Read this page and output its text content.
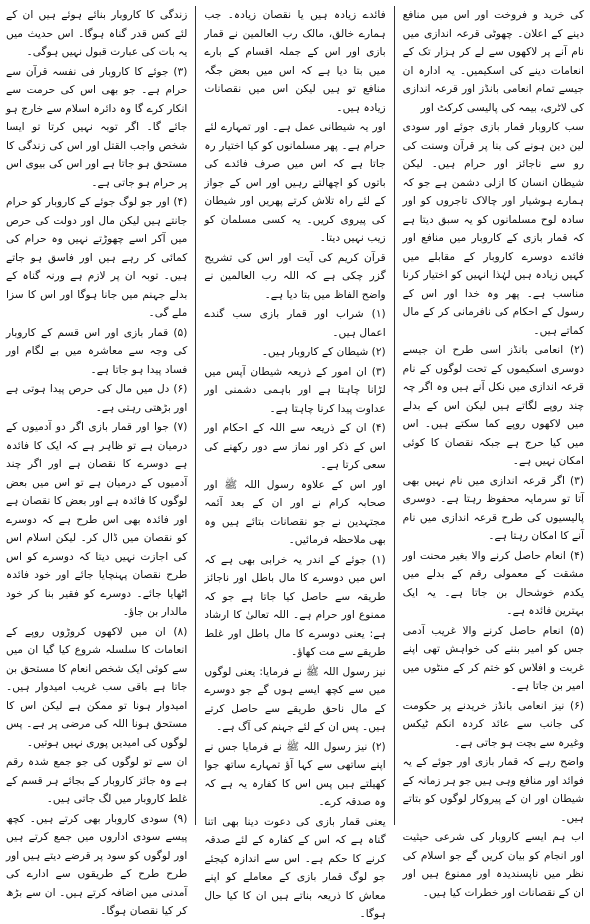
کی خرید و فروخت اور اس میں منافع دینے کے اعلان۔ چھوٹی قرعہ اندازی میں نام آنے پر لاکھوں سے لے کر ہزار تک کے انعامات دینے کی اسکیمیں۔ یہ ادارہ ان جیسے تمام انعامی بانڈز اور قرعہ اندازی کی لاٹری، بیمہ کی پالیسی کرکٹ اور

سب کاروبار قمار بازی جوئے اور سودی لین دین ہونے کی بنا پر قرآن وسنت کی رو سے ناجائز اور حرام ہیں۔ لیکن شیطان انسان کا ازلی دشمن ہے جو کہ ہمارے ہوشیار اور چالاک تاجروں کو اور سادہ لوح مسلمانوں کو یہ سبق دیتا ہے کہ قمار بازی کے کاروبار میں منافع اور فائدے دوسرے کاروبار کے مقابلے میں کہیں زیادہ ہیں لہٰذا انہیں کو اختیار کرنا مناسب ہے۔ پھر وہ خدا اور اس کے رسول کے احکام کی نافرمانی کر کے مال کماتے ہیں۔

(۲) انعامی بانڈز اسی طرح ان جیسے دوسری اسکیموں کے تحت لوگوں کے نام قرعہ اندازی میں نکل آنے ہیں وہ اگر چہ چند روپے لگاتے ہیں لیکن اس کے بدلے میں لاکھوں روپے کما سکتے ہیں۔ اس میں کیا حرج ہے جبکہ نقصان کا کوئی امکان نہیں ہے۔

(۳) اگر قرعہ اندازی میں نام نہیں بھی آتا تو سرمایہ محفوظ رہتا ہے۔ دوسری پالیسیوں کی طرح قرعہ اندازی میں نام آنے کا امکان رہتا ہے۔

(۴) انعام حاصل کرنے والا بغیر محنت اور مشقت کے معمولی رقم کے بدلے میں یکدم خوشحال بن جاتا ہے۔ یہ ایک بہترین فائدہ ہے۔

(۵) انعام حاصل کرنے والا غریب آدمی جس کو امیر بننے کی خواہش تھی اپنے غربت و افلاس کو ختم کر کے منٹوں میں امیر بن جاتا ہے۔

(۶) نیز انعامی بانڈز خریدنے پر حکومت کی جانب سے عائد کردہ انکم ٹیکس وغیرہ سے بچت ہو جاتی ہے۔

واضح رہے کہ قمار بازی اور جوئے کے یہ فوائد اور منافع وہی ہیں جو ہر زمانہ کے شیطان اور ان کے پیروکار لوگوں کو بتاتے ہیں۔

اب ہم ایسے کاروبار کی شرعی حیثیت اور انجام کو بیان کریں گے جو اسلام کی نظر میں ناپسندیدہ اور ممنوع ہیں اور ان کے نقصانات اور خطرات کیا ہیں۔

فائدے زیادہ ہیں یا نقصان زیادہ۔ جب ہمارے خالق، مالک رب العالمین نے قمار بازی اور اس کے جملہ اقسام کے بارے میں بتا دیا ہے کہ اس میں بعض جگہ منافع تو ہیں لیکن اس میں نقصانات زیادہ ہیں۔

اور یہ شیطانی عمل ہے۔ اور تمہارے لئے حرام ہے۔ پھر مسلمانوں کو کیا اختیار رہ جاتا ہے کہ اس میں صرف فائدے کی باتوں کو اچھالتے رہیں اور اس کے جواز کے لئے راہ تلاش کرتے پھریں اور شیطان کی پیروی کریں۔ یہ کسی مسلمان کو زیب نہیں دیتا۔

قرآن کریم کی آیت اور اس کی تشریح گزر چکی ہے کہ اللہ رب العالمین نے واضح الفاظ میں بتا دیا ہے۔

(۱) شراب اور قمار بازی سب گندے اعمال ہیں۔

(۲) شیطان کے کاروبار ہیں۔

(۳) ان امور کے ذریعہ شیطان آپس میں لڑانا چاہتا ہے اور باہمی دشمنی اور عداوت پیدا کرنا چاہتا ہے۔

(۴) ان کے ذریعہ سے اللہ کے احکام اور اس کے ذکر اور نماز سے دور رکھنے کی سعی کرتا ہے۔

اور اس کے علاوہ رسول اللہ ﷺ اور صحابہ کرام نے اور ان کے بعد آئمہ مجتہدین نے جو نقصانات بتائے ہیں وہ بھی ملاحظہ فرمائیں۔

(۱) جوئے کے اندر یہ خرابی بھی ہے کہ اس میں دوسرے کا مال باطل اور ناجائز طریقہ سے حاصل کیا جاتا ہے جو کہ ممنوع اور حرام ہے۔ اللہ تعالیٰ کا ارشاد ہے: یعنی دوسرے کا مال باطل اور غلط طریقے سے مت کھاؤ۔

نیز رسول اللہ ﷺ نے فرمایا: یعنی لوگوں میں سے کچھ ایسے ہوں گے جو دوسرے کے مال ناحق طریقے سے حاصل کرتے ہیں۔ پس ان کے لئے جہنم کی آگ ہے۔

(۲) نیز رسول اللہ ﷺ نے فرمایا جس نے اپنے ساتھی سے کہا آؤ تمہارے ساتھ جوا کھیلتے ہیں پس اس کا کفارہ یہ ہے کہ وہ صدقہ کرے۔

یعنی قمار بازی کی دعوت دینا بھی اتنا گناہ ہے کہ اس کے کفارہ کے لئے صدقہ کرنے کا حکم ہے۔ اس سے اندازہ کیجئے جو لوگ قمار بازی کے معاملے کو اپنے معاش کا ذریعہ بناتے ہیں ان کا کیا حال ہوگا۔

زندگی کا کاروبار بنائے ہوئے ہیں ان کے لئے کس قدر گناہ ہوگا۔ اس حدیث میں یہ بات کی عبارت قبول نہیں ہوگی۔

(۳) جوئے کا کاروبار فی نفسہ قرآن سے حرام ہے۔ جو بھی اس کی حرمت سے انکار کرے گا وہ دائرہ اسلام سے خارج ہو جائے گا۔ اگر توبہ نہیں کرتا تو ایسا شخص واجب القتل اور اس کی زندگی کا مستحق ہو جاتا ہے اور اس کی بیوی اس پر حرام ہو جاتی ہے۔

(۴) اور جو لوگ جوئے کے کاروبار کو حرام جانتے ہیں لیکن مال اور دولت کی حرص میں آکر اسے چھوڑتے نہیں وہ حرام کی کمائی کر رہے ہیں اور فاسق ہو جاتے ہیں۔ توبہ ان پر لازم ہے ورنہ گناہ کے بدلے جہنم میں جانا ہوگا اور اس کا سزا ملے گی۔

(۵) قمار بازی اور اس قسم کے کاروبار کی وجہ سے معاشرہ میں بے لگام اور فساد پیدا ہو جاتا ہے۔

(۶) دل میں مال کی حرص پیدا ہوتی ہے اور بڑھتی رہتی ہے۔

(۷) جوا اور قمار بازی اگر دو آدمیوں کے درمیان ہے تو ظاہر ہے کہ ایک کا فائدہ ہے دوسرے کا نقصان ہے اور اگر چند آدمیوں کے درمیان ہے تو اس میں بعض لوگوں کا فائدہ ہے اور بعض کا نقصان ہے اور فائدہ بھی اس طرح ہے کہ دوسرے کو نقصان میں ڈال کر۔ لیکن اسلام اس کی اجازت نہیں دیتا کہ دوسرے کو اس طرح نقصان پہنچایا جائے اور خود فائدہ اٹھایا جائے۔ دوسرے کو فقیر بنا کر خود مالدار بن جاؤ۔

(۸) ان میں لاکھوں کروڑوں روپے کے انعامات کا سلسلہ شروع کیا گیا ان میں سے کوئی ایک شخص انعام کا مستحق بن جاتا ہے باقی سب غریب امیدوار ہیں۔ امیدوار ہونا تو ممکن ہے لیکن اس کا مستحق ہونا اللہ کی مرضی پر ہے۔ پس لوگوں کی امیدیں پوری نہیں ہوتیں۔

ان سے تو لوگوں کی جو جمع شدہ رقم ہے وہ جائز کاروبار کے بجائے ہر قسم کے غلط کاروبار میں لگ جاتی ہیں۔

(۹) سودی کاروبار بھی کرتے ہیں۔ کچھ پیسے سودی اداروں میں جمع کرتے ہیں اور لوگوں کو سود پر قرضے دیتے ہیں اور طرح طرح کے طریقوں سے ادارے کی آمدنی میں اضافہ کرتے ہیں۔ ان سے بڑھ کر کیا نقصان ہوگا۔
